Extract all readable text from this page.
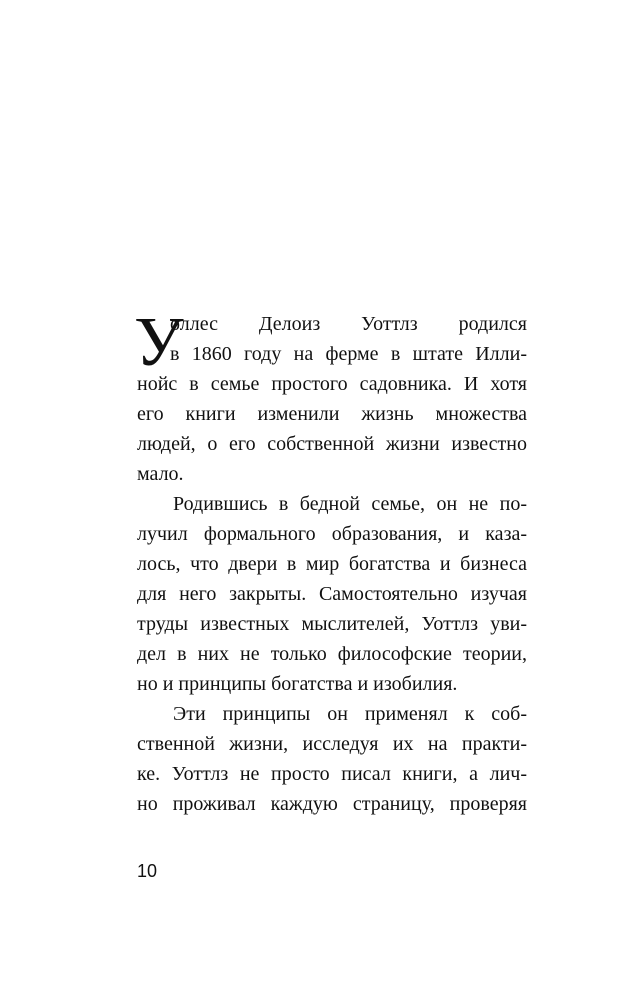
У
оллес Делоиз Уоттлз родился
в 1860 году на ферме в штате Илли-
нойс в семье простого садовника. И хотя
его книги изменили жизнь множества
людей, о его собственной жизни известно
мало.
Родившись в бедной семье, он не по-
лучил формального образования, и каза-
лось, что двери в мир богатства и бизнеса
для него закрыты. Самостоятельно изучая
труды известных мыслителей, Уоттлз уви-
дел в них не только философские теории,
но и принципы богатства и изобилия.
Эти принципы он применял к соб-
ственной жизни, исследуя их на практи-
ке. Уоттлз не просто писал книги, а лич-
но проживал каждую страницу, проверяя
10
